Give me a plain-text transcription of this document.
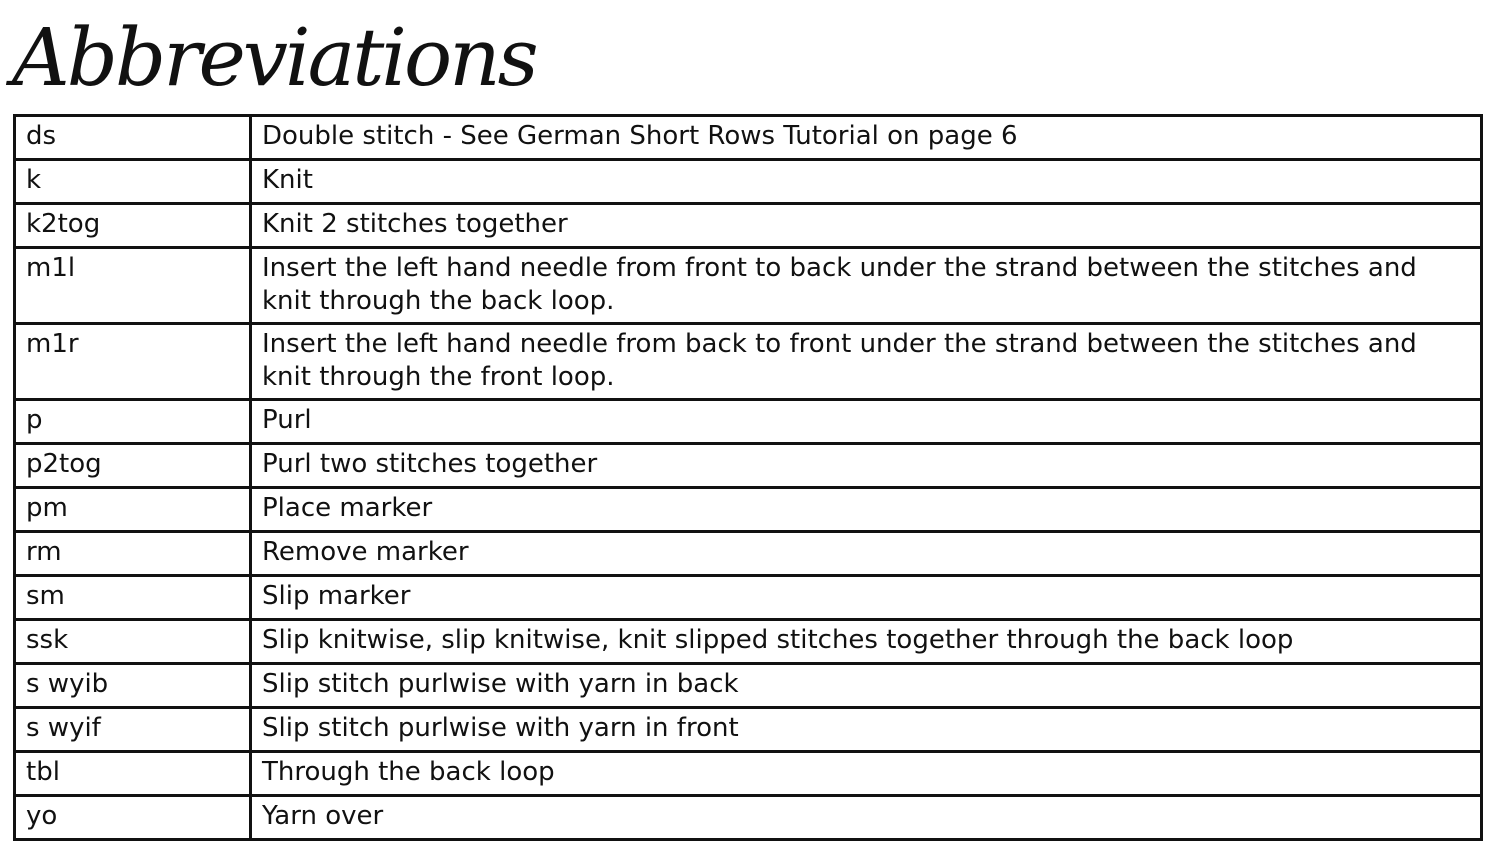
Abbreviations
ds	Double stitch - See German Short Rows Tutorial on page 6
k	Knit
k2tog	Knit 2 stitches together
m1l	Insert the left hand needle from front to back under the strand between the stitches and knit through the back loop.
m1r	Insert the left hand needle from back to front under the strand between the stitches and knit through the front loop.
p	Purl
p2tog	Purl two stitches together
pm	Place marker
rm	Remove marker
sm	Slip marker
ssk	Slip knitwise, slip knitwise, knit slipped stitches together through the back loop
s wyib	Slip stitch purlwise with yarn in back
s wyif	Slip stitch purlwise with yarn in front
tbl	Through the back loop
yo	Yarn over
